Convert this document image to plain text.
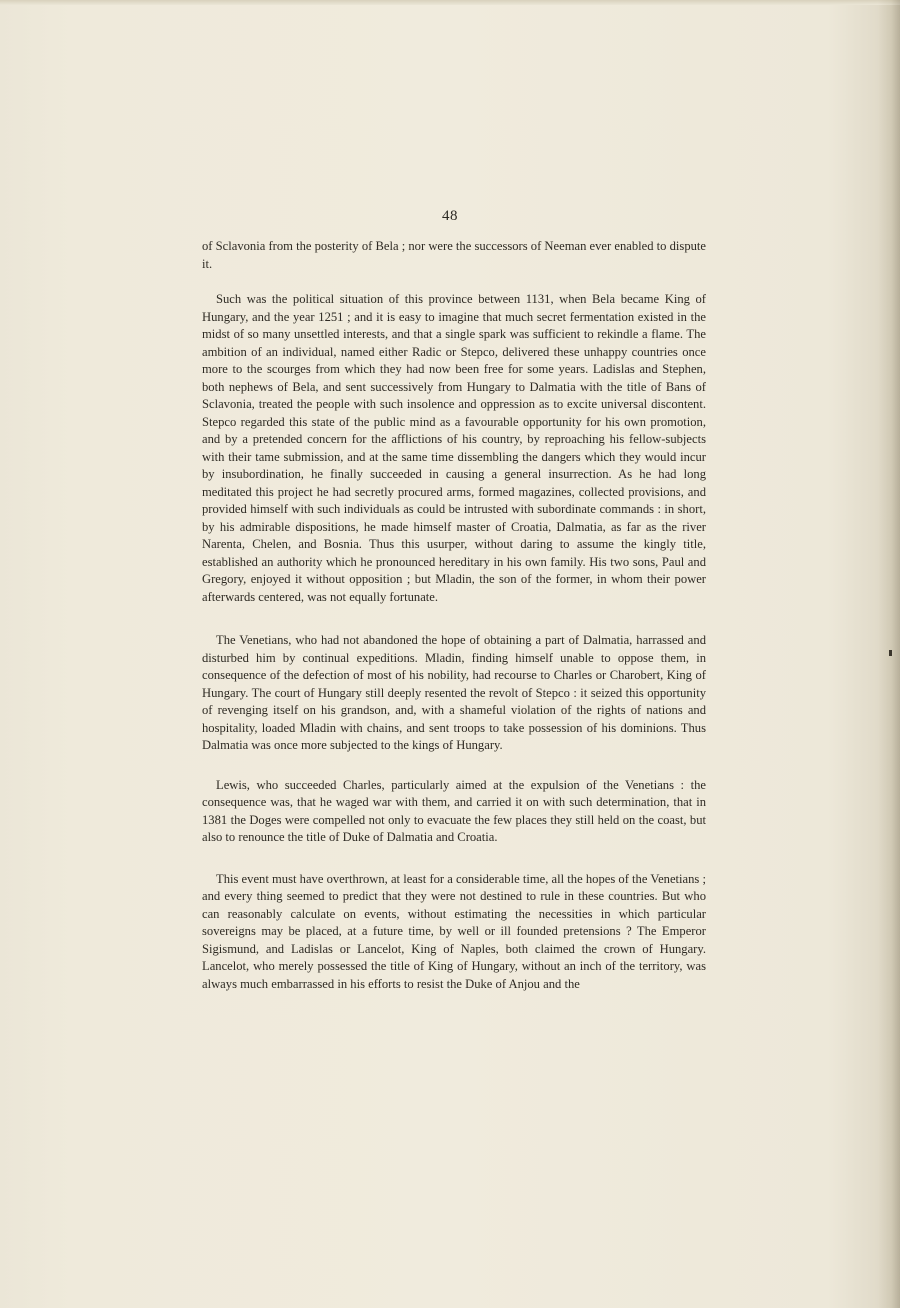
48

of Sclavonia from the posterity of Bela ; nor were the successors of Neeman ever enabled to dispute it.

Such was the political situation of this province between 1131, when Bela became King of Hungary, and the year 1251 ; and it is easy to imagine that much secret fermentation existed in the midst of so many unsettled interests, and that a single spark was sufficient to rekindle a flame. The ambition of an individual, named either Radic or Stepco, delivered these unhappy countries once more to the scourges from which they had now been free for some years. Ladislas and Stephen, both nephews of Bela, and sent successively from Hungary to Dalmatia with the title of Bans of Sclavonia, treated the people with such insolence and oppression as to excite universal discontent. Stepco regarded this state of the public mind as a favourable opportunity for his own promotion, and by a pretended concern for the afflictions of his country, by reproaching his fellow-subjects with their tame submission, and at the same time dissembling the dangers which they would incur by insubordination, he finally succeeded in causing a general insurrection. As he had long meditated this project he had secretly procured arms, formed magazines, collected provisions, and provided himself with such individuals as could be intrusted with subordinate commands : in short, by his admirable dispositions, he made himself master of Croatia, Dalmatia, as far as the river Narenta, Chelen, and Bosnia. Thus this usurper, without daring to assume the kingly title, established an authority which he pronounced hereditary in his own family. His two sons, Paul and Gregory, enjoyed it without opposition ; but Mladin, the son of the former, in whom their power afterwards centered, was not equally fortunate.

The Venetians, who had not abandoned the hope of obtaining a part of Dalmatia, harrassed and disturbed him by continual expeditions. Mladin, finding himself unable to oppose them, in consequence of the defection of most of his nobility, had recourse to Charles or Charobert, King of Hungary. The court of Hungary still deeply resented the revolt of Stepco : it seized this opportunity of revenging itself on his grandson, and, with a shameful violation of the rights of nations and hospitality, loaded Mladin with chains, and sent troops to take possession of his dominions. Thus Dalmatia was once more subjected to the kings of Hungary.

Lewis, who succeeded Charles, particularly aimed at the expulsion of the Venetians : the consequence was, that he waged war with them, and carried it on with such determination, that in 1381 the Doges were compelled not only to evacuate the few places they still held on the coast, but also to renounce the title of Duke of Dalmatia and Croatia.

This event must have overthrown, at least for a considerable time, all the hopes of the Venetians ; and every thing seemed to predict that they were not destined to rule in these countries. But who can reasonably calculate on events, without estimating the necessities in which particular sovereigns may be placed, at a future time, by well or ill founded pretensions ? The Emperor Sigismund, and Ladislas or Lancelot, King of Naples, both claimed the crown of Hungary. Lancelot, who merely possessed the title of King of Hungary, without an inch of the territory, was always much embarrassed in his efforts to resist the Duke of Anjou and the
